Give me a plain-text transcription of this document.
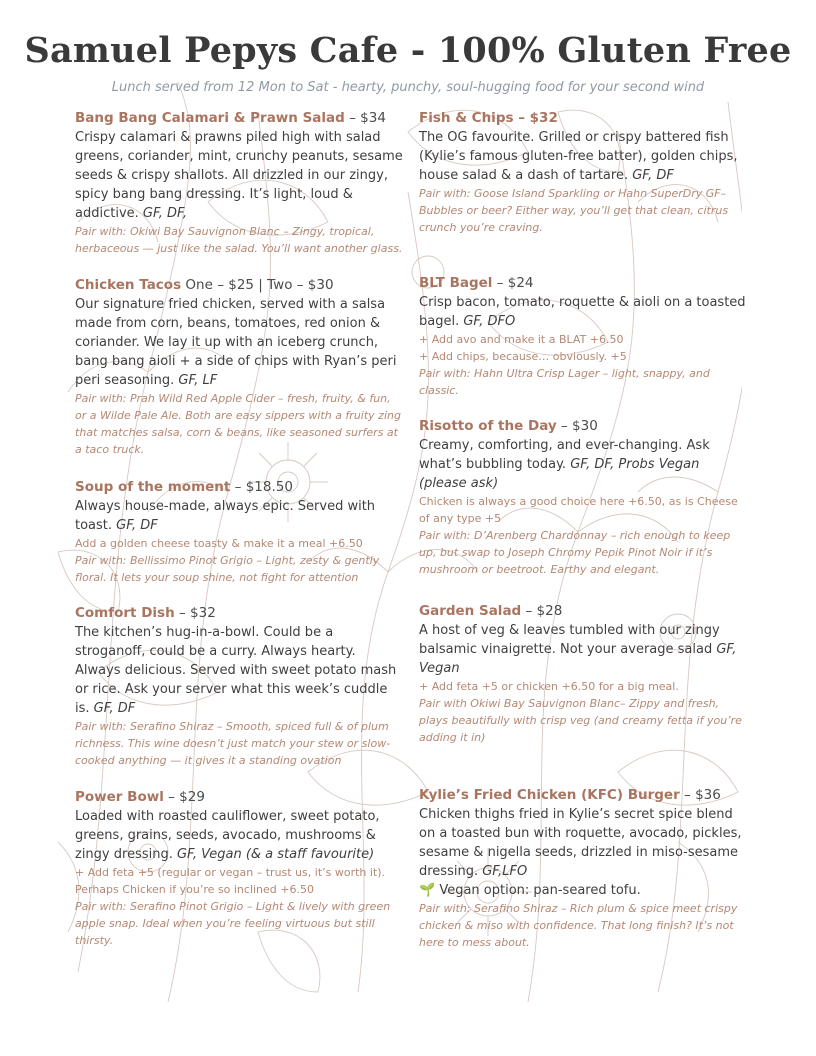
Samuel Pepys Cafe - 100% Gluten Free

Lunch served from 12 Mon to Sat - hearty, punchy, soul-hugging food for your second wind

Bang Bang Calamari & Prawn Salad – $34

Crispy calamari & prawns piled high with salad greens, coriander, mint, crunchy peanuts, sesame seeds & crispy shallots. All drizzled in our zingy, spicy bang bang dressing. It’s light, loud & addictive. GF, DF,

Pair with: Okiwi Bay Sauvignon Blanc – Zingy, tropical, herbaceous — just like the salad. You’ll want another glass.

Chicken Tacos One – $25 | Two – $30

Our signature fried chicken, served with a salsa made from corn, beans, tomatoes, red onion & coriander. We lay it up with an iceberg crunch, bang bang aioli + a side of chips with Ryan’s peri peri seasoning. GF, LF

Pair with: Prah Wild Red Apple Cider – fresh, fruity, & fun, or a Wilde Pale Ale. Both are easy sippers with a fruity zing that matches salsa, corn & beans, like seasoned surfers at a taco truck.

Soup of the moment – $18.50

Always house-made, always epic. Served with toast. GF, DF

Add a golden cheese toasty & make it a meal +6.50

Pair with: Bellissimo Pinot Grigio – Light, zesty & gently floral. It lets your soup shine, not fight for attention

Comfort Dish – $32

The kitchen’s hug-in-a-bowl. Could be a stroganoff, could be a curry. Always hearty. Always delicious. Served with sweet potato mash or rice. Ask your server what this week’s cuddle is. GF, DF

Pair with: Serafino Shiraz – Smooth, spiced full & of plum richness. This wine doesn’t just match your stew or slow-cooked anything — it gives it a standing ovation

Power Bowl – $29

Loaded with roasted cauliflower, sweet potato, greens, grains, seeds, avocado, mushrooms & zingy dressing. GF, Vegan (& a staff favourite)

+ Add feta +5 (regular or vegan – trust us, it’s worth it).

Perhaps Chicken if you’re so inclined +6.50

Pair with: Serafino Pinot Grigio – Light & lively with green apple snap. Ideal when you’re feeling virtuous but still thirsty.

Fish & Chips – $32

The OG favourite. Grilled or crispy battered fish (Kylie’s famous gluten-free batter), golden chips, house salad & a dash of tartare. GF, DF

Pair with: Goose Island Sparkling or Hahn SuperDry GF– Bubbles or beer? Either way, you’ll get that clean, citrus crunch you’re craving.

BLT Bagel – $24

Crisp bacon, tomato, roquette & aioli on a toasted bagel. GF, DFO

+ Add avo and make it a BLAT +6.50

+ Add chips, because… obviously. +5

Pair with: Hahn Ultra Crisp Lager – light, snappy, and classic.

Risotto of the Day – $30

Creamy, comforting, and ever-changing. Ask what’s bubbling today. GF, DF, Probs Vegan (please ask)

Chicken is always a good choice here +6.50, as is Cheese of any type +5

Pair with: D’Arenberg Chardonnay – rich enough to keep up, but swap to Joseph Chromy Pepik Pinot Noir if it’s mushroom or beetroot. Earthy and elegant.

Garden Salad – $28

A host of veg & leaves tumbled with our zingy balsamic vinaigrette. Not your average salad GF, Vegan

+ Add feta +5 or chicken +6.50 for a big meal.

Pair with Okiwi Bay Sauvignon Blanc– Zippy and fresh, plays beautifully with crisp veg (and creamy fetta if you’re adding it in)

Kylie’s Fried Chicken (KFC) Burger – $36

Chicken thighs fried in Kylie’s secret spice blend on a toasted bun with roquette, avocado, pickles, sesame & nigella seeds, drizzled in miso-sesame dressing. GF,LFO

🌱 Vegan option: pan-seared tofu.

Pair with: Serafino Shiraz – Rich plum & spice meet crispy chicken & miso with confidence. That long finish? It’s not here to mess about.
